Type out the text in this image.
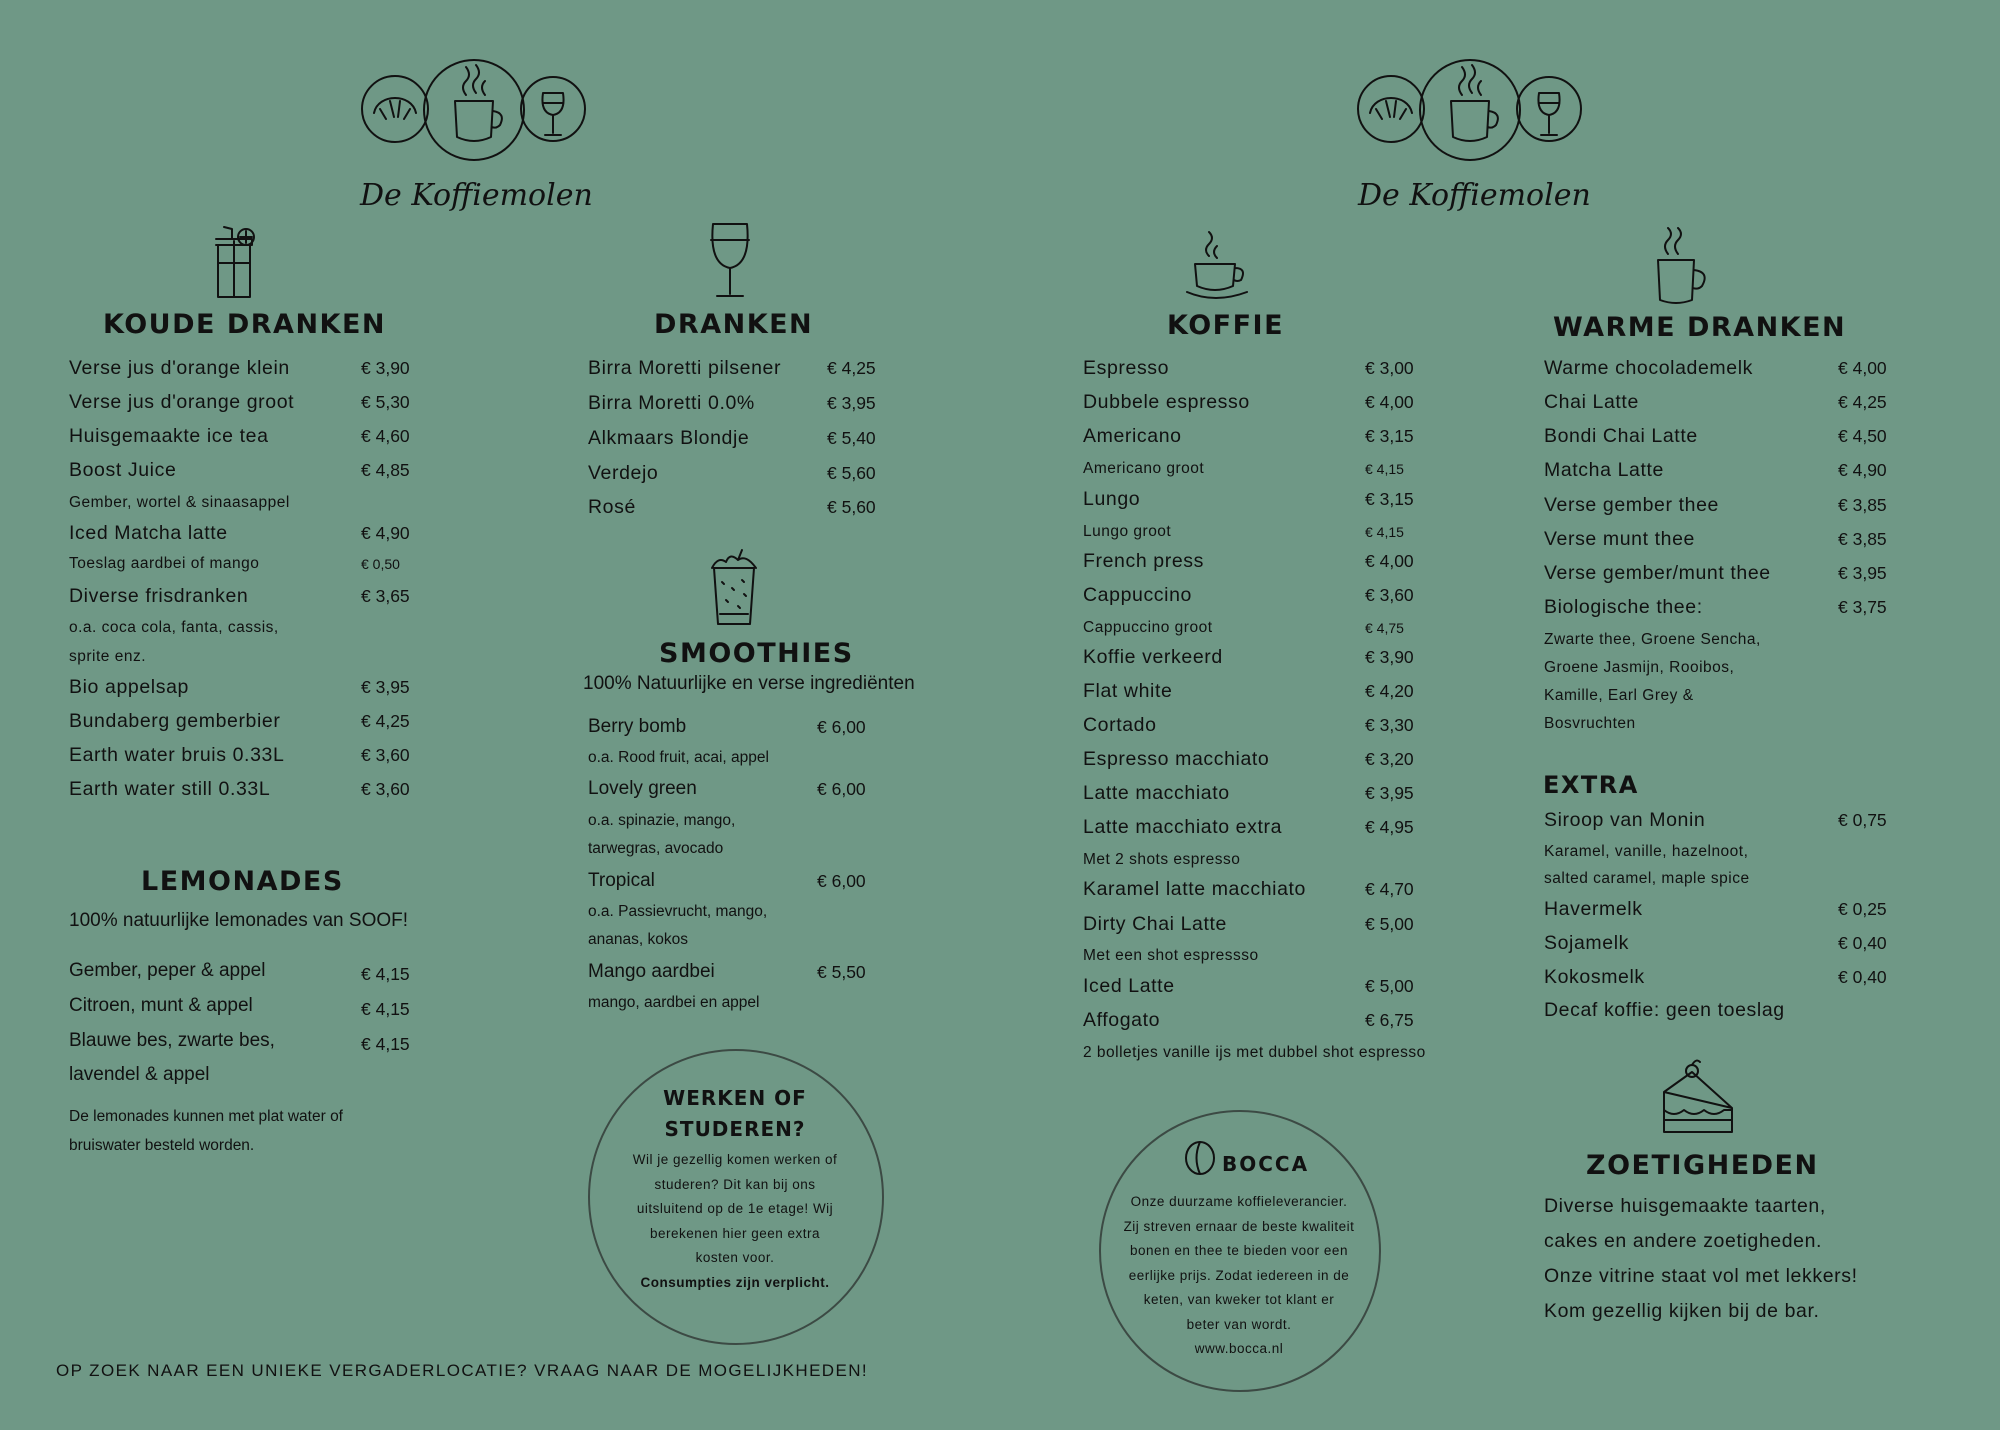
De Koffiemolen	De Koffiemolen
KOUDE DRANKEN
Verse jus d'orange klein	€ 3,90
Verse jus d'orange groot	€ 5,30
Huisgemaakte ice tea	€ 4,60
Boost Juice	€ 4,85
Gember, wortel & sinaasappel
Iced Matcha latte	€ 4,90
Toeslag aardbei of mango	€ 0,50
Diverse frisdranken	€ 3,65
o.a. coca cola, fanta, cassis,
sprite enz.
Bio appelsap	€ 3,95
Bundaberg gemberbier	€ 4,25
Earth water bruis 0.33L	€ 3,60
Earth water still 0.33L	€ 3,60
LEMONADES
100% natuurlijke lemonades van SOOF!
Gember, peper & appel	€ 4,15
Citroen, munt & appel	€ 4,15
Blauwe bes, zwarte bes,	€ 4,15
lavendel & appel
De lemonades kunnen met plat water of
bruiswater besteld worden.
DRANKEN
Birra Moretti pilsener	€ 4,25
Birra Moretti 0.0%	€ 3,95
Alkmaars Blondje	€ 5,40
Verdejo	€ 5,60
Rosé	€ 5,60
SMOOTHIES
100% Natuurlijke en verse ingrediënten
Berry bomb	€ 6,00
o.a. Rood fruit, acai, appel
Lovely green	€ 6,00
o.a. spinazie, mango,
tarwegras, avocado
Tropical	€ 6,00
o.a. Passievrucht, mango,
ananas, kokos
Mango aardbei	€ 5,50
mango, aardbei en appel
WERKEN OF
STUDEREN?
Wil je gezellig komen werken of
studeren? Dit kan bij ons
uitsluitend op de 1e etage! Wij
berekenen hier geen extra
kosten voor.
Consumpties zijn verplicht.
OP ZOEK NAAR EEN UNIEKE VERGADERLOCATIE? VRAAG NAAR DE MOGELIJKHEDEN!
KOFFIE
Espresso	€ 3,00
Dubbele espresso	€ 4,00
Americano	€ 3,15
Americano groot	€ 4,15
Lungo	€ 3,15
Lungo groot	€ 4,15
French press	€ 4,00
Cappuccino	€ 3,60
Cappuccino groot	€ 4,75
Koffie verkeerd	€ 3,90
Flat white	€ 4,20
Cortado	€ 3,30
Espresso macchiato	€ 3,20
Latte macchiato	€ 3,95
Latte macchiato extra	€ 4,95
Met 2 shots espresso
Karamel latte macchiato	€ 4,70
Dirty Chai Latte	€ 5,00
Met een shot espressso
Iced Latte	€ 5,00
Affogato	€ 6,75
2 bolletjes vanille ijs met dubbel shot espresso
WARME DRANKEN
Warme chocolademelk	€ 4,00
Chai Latte	€ 4,25
Bondi Chai Latte	€ 4,50
Matcha Latte	€ 4,90
Verse gember thee	€ 3,85
Verse munt thee	€ 3,85
Verse gember/munt thee	€ 3,95
Biologische thee:	€ 3,75
Zwarte thee, Groene Sencha,
Groene Jasmijn, Rooibos,
Kamille, Earl Grey &
Bosvruchten
EXTRA
Siroop van Monin	€ 0,75
Karamel, vanille, hazelnoot,
salted caramel, maple spice
Havermelk	€ 0,25
Sojamelk	€ 0,40
Kokosmelk	€ 0,40
Decaf koffie: geen toeslag
ZOETIGHEDEN
Diverse huisgemaakte taarten,
cakes en andere zoetigheden.
Onze vitrine staat vol met lekkers!
Kom gezellig kijken bij de bar.
BOCCA
Onze duurzame koffieleverancier.
Zij streven ernaar de beste kwaliteit
bonen en thee te bieden voor een
eerlijke prijs. Zodat iedereen in de
keten, van kweker tot klant er
beter van wordt.
www.bocca.nl
